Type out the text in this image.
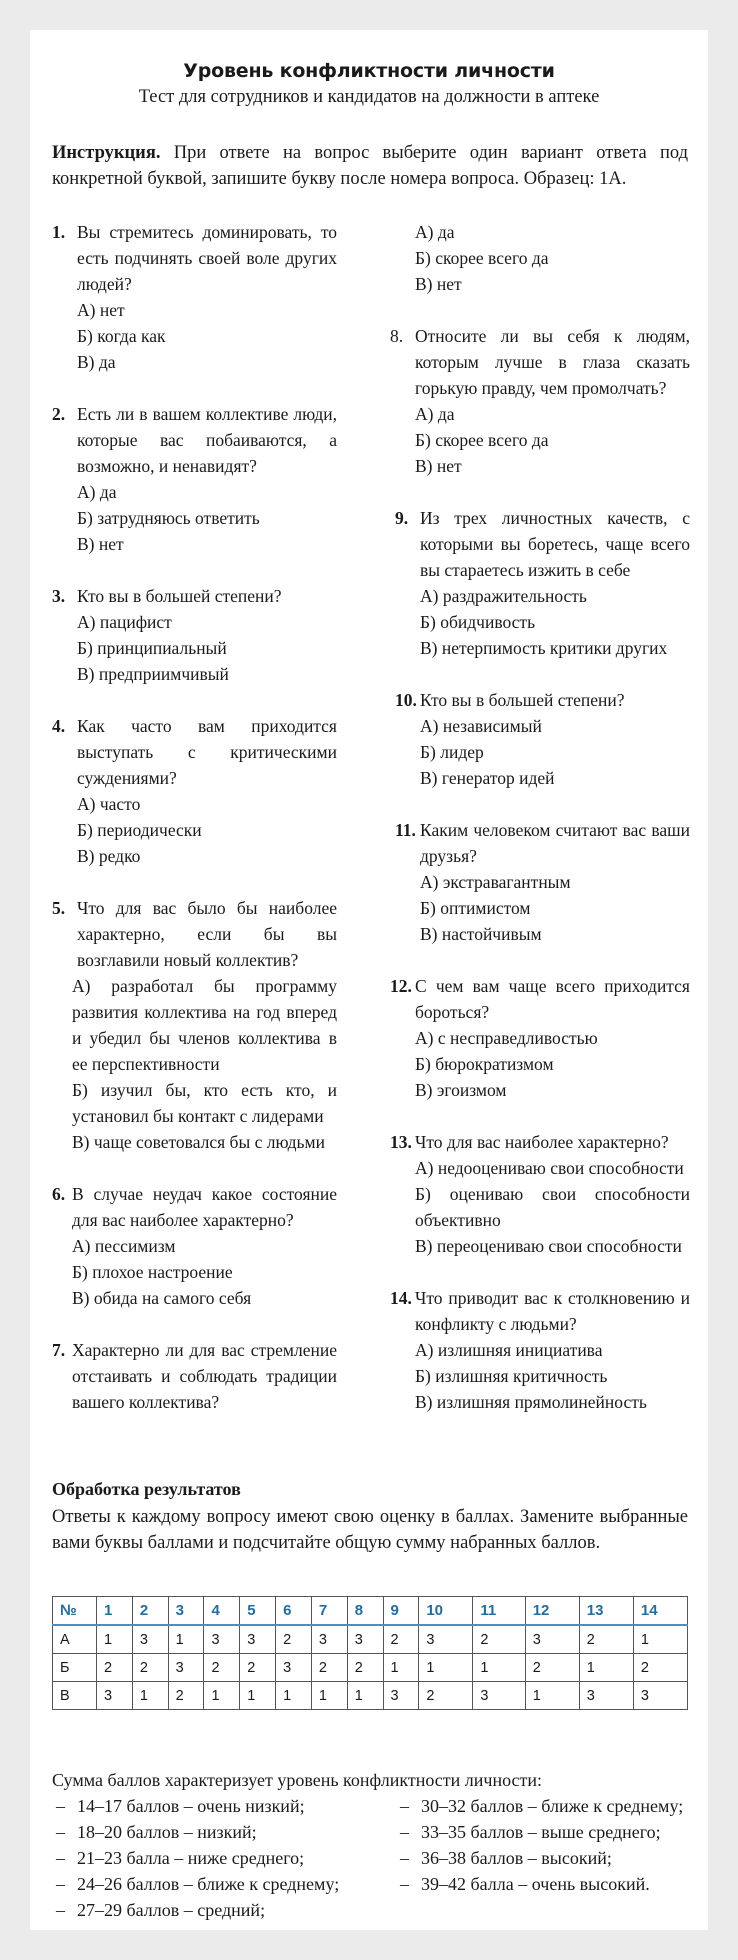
Уровень конфликтности личности
Тест для сотрудников и кандидатов на должности в аптеке
Инструкция. При ответе на вопрос выберите один вариант ответа под конкретной буквой, запишите букву после номера вопроса. Образец: 1А.
1. Вы стремитесь доминировать, то есть подчинять своей воле других людей?
А) нет
Б) когда как
В) да
2. Есть ли в вашем коллективе люди, которые вас побаиваются, а возможно, и ненавидят?
А) да
Б) затрудняюсь ответить
В) нет
3. Кто вы в большей степени?
А) пацифист
Б) принципиальный
В) предприимчивый
4. Как часто вам приходится выступать с критическими суждениями?
А) часто
Б) периодически
В) редко
5. Что для вас было бы наиболее характерно, если бы вы возглавили новый коллектив?
А) разработал бы программу развития коллектива на год вперед и убедил бы членов коллектива в ее перспективности
Б) изучил бы, кто есть кто, и установил бы контакт с лидерами
В) чаще советовался бы с людьми
6. В случае неудач какое состояние для вас наиболее характерно?
А) пессимизм
Б) плохое настроение
В) обида на самого себя
7. Характерно ли для вас стремление отстаивать и соблюдать традиции вашего коллектива?
А) да
Б) скорее всего да
В) нет
8. Относите ли вы себя к людям, которым лучше в глаза сказать горькую правду, чем промолчать?
А) да
Б) скорее всего да
В) нет
9. Из трех личностных качеств, с которыми вы боретесь, чаще всего вы стараетесь изжить в себе
А) раздражительность
Б) обидчивость
В) нетерпимость критики других
10. Кто вы в большей степени?
А) независимый
Б) лидер
В) генератор идей
11. Каким человеком считают вас ваши друзья?
А) экстравагантным
Б) оптимистом
В) настойчивым
12. С чем вам чаще всего приходится бороться?
А) с несправедливостью
Б) бюрократизмом
В) эгоизмом
13. Что для вас наиболее характерно?
А) недооцениваю свои способности
Б) оцениваю свои способности объективно
В) переоцениваю свои способности
14. Что приводит вас к столкновению и конфликту с людьми?
А) излишняя инициатива
Б) излишняя критичность
В) излишняя прямолинейность
Обработка результатов
Ответы к каждому вопросу имеют свою оценку в баллах. Замените выбранные вами буквы баллами и подсчитайте общую сумму набранных баллов.
№	1	2	3	4	5	6	7	8	9	10	11	12	13	14
А	1	3	1	3	3	2	3	3	2	3	2	3	2	1
Б	2	2	3	2	2	3	2	2	1	1	1	2	1	2
В	3	1	2	1	1	1	1	1	3	2	3	1	3	3
Сумма баллов характеризует уровень конфликтности личности:
– 14–17 баллов – очень низкий;
– 18–20 баллов – низкий;
– 21–23 балла – ниже среднего;
– 24–26 баллов – ближе к среднему;
– 27–29 баллов – средний;
– 30–32 баллов – ближе к среднему;
– 33–35 баллов – выше среднего;
– 36–38 баллов – высокий;
– 39–42 балла – очень высокий.
